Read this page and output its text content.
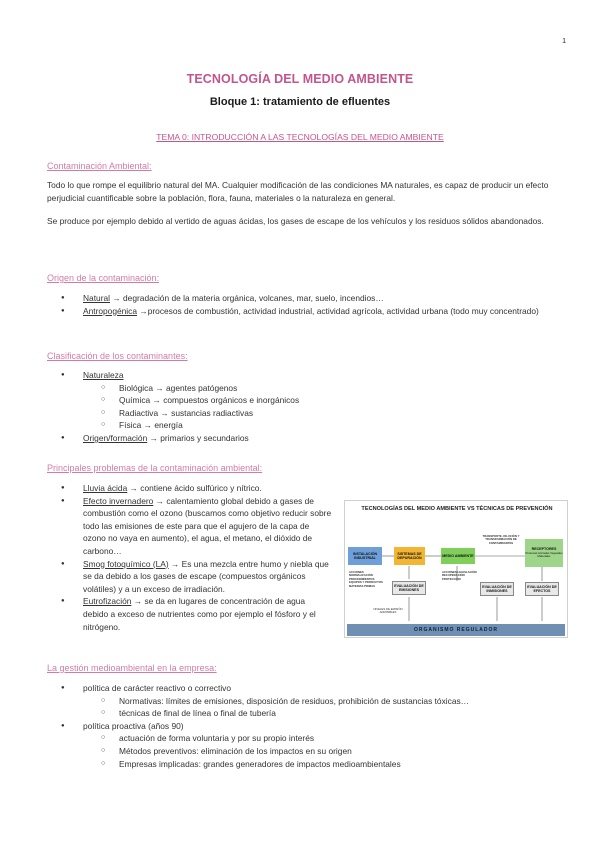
1
TECNOLOGÍA DEL MEDIO AMBIENTE
Bloque 1: tratamiento de efluentes
TEMA 0: INTRODUCCIÓN A LAS TECNOLOGÍAS DEL MEDIO AMBIENTE
Contaminación Ambiental:

Todo lo que rompe el equilibrio natural del MA. Cualquier modificación de las condiciones MA naturales, es capaz de producir un efecto perjudicial cuantificable sobre la población, flora, fauna, materiales o la naturaleza en general.

Se produce por ejemplo debido al vertido de aguas ácidas, los gases de escape de los vehículos y los residuos sólidos abandonados.

Origen de la contaminación:
● Natural → degradación de la materia orgánica, volcanes, mar, suelo, incendios…
● Antropogénica →procesos de combustión, actividad industrial, actividad agrícola, actividad urbana (todo muy concentrado)
Clasificación de los contaminantes:
● Naturaleza
○ Biológica → agentes patógenos
○ Química → compuestos orgánicos e inorgánicos
○ Radiactiva → sustancias radiactivas
○ Física → energía
● Origen/formación → primarios y secundarios
Principales problemas de la contaminación ambiental:
● Lluvia ácida → contiene ácido sulfúrico y nítrico.
● Efecto invernadero → calentamiento global debido a gases de combustión como el ozono (buscamos como objetivo reducir sobre todo las emisiones de este para que el agujero de la capa de ozono no vaya en aumento), el agua, el metano, el dióxido de carbono…
● Smog fotoquímico (LA) → Es una mezcla entre humo y niebla que se da debido a los gases de escape (compuestos orgánicos volátiles) y a un exceso de irradiación.
● Eutrofización → se da en lugares de concentración de agua debido a exceso de nutrientes como por ejemplo el fósforo y el nitrógeno.
TECNOLOGÍAS DEL MEDIO AMBIENTE VS TÉCNICAS DE PREVENCIÓN
INSTALACIÓN INDUSTRIAL
SISTEMAS DE DEPURACIÓN
MEDIO AMBIENTE
TRANSPORTE, DILUCIÓN Y TRANSFORMACIÓN DE CONTAMINANTES
RECEPTORES
Personas Animales Vegetales Materiales
ACCIONES NORMALIZACIÓN PROCEDIMIENTOS EQUIPOS Y PRODUCTOS MATERIAS PRIMAS	EVALUACIÓN DE EMISIONES
ACCIONES LEGISLACIÓN RECUPERACIÓN PROTECCIÓN
EVALUACIÓN DE INMISIONES
EVALUACIÓN DE EFECTOS
NIVELES DE EMISIÓN ADMISIBLES
ORGANISMO REGULADOR
La gestión medioambiental en la empresa:
● política de carácter reactivo o correctivo
○ Normativas: límites de emisiones, disposición de residuos, prohibición de sustancias tóxicas…
○ técnicas de final de línea o final de tubería
● política proactiva (años 90)
○ actuación de forma voluntaria y por su propio interés
○ Métodos preventivos: eliminación de los impactos en su origen
○ Empresas implicadas: grandes generadores de impactos medioambientales
